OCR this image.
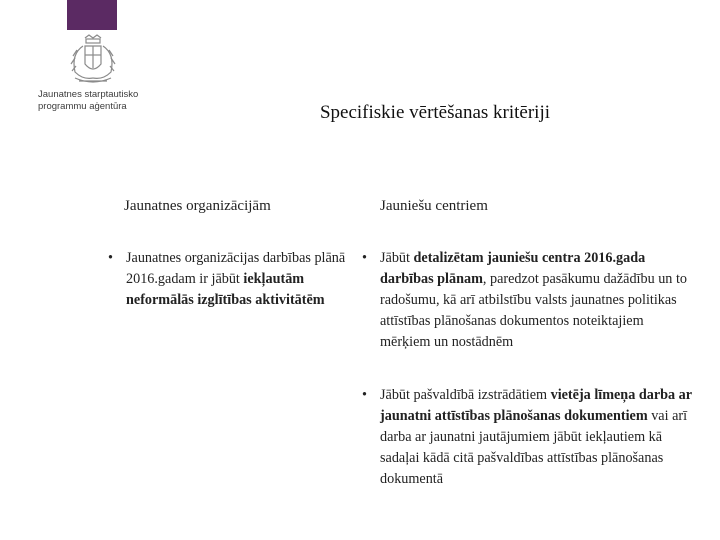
Jaunatnes starptautisko
programmu aģentūra	Specifiskie vērtēšanas kritēriji
Jaunatnes organizācijām	Jauniešu centriem
• Jaunatnes organizācijas darbības plānā 2016.gadam ir jābūt iekļautām neformālās izglītības aktivitātēm
• Jābūt detalizētam jauniešu centra 2016.gada darbības plānam, paredzot pasākumu dažādību un to radošumu, kā arī atbilstību valsts jaunatnes politikas attīstības plānošanas dokumentos noteiktajiem mērķiem un nostādnēm
• Jābūt pašvaldībā izstrādātiem vietēja līmeņa darba ar jaunatni attīstības plānošanas dokumentiem vai arī darba ar jaunatni jautājumiem jābūt iekļautiem kā sadaļai kādā citā pašvaldības attīstības plānošanas dokumentā
